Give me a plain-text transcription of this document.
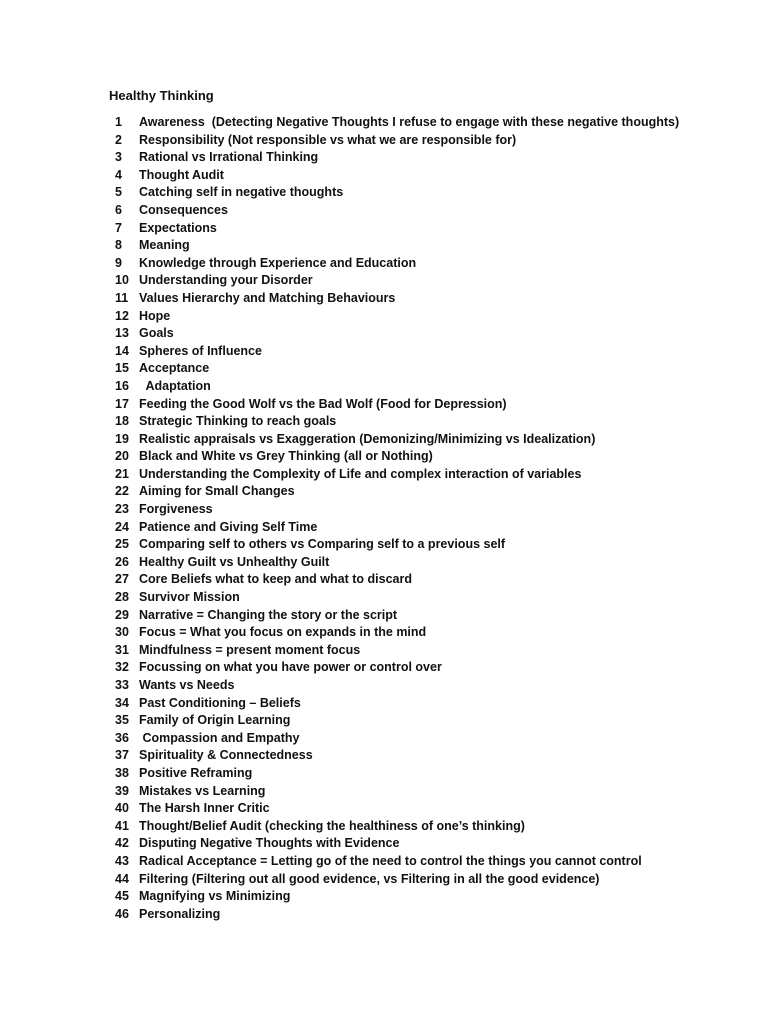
Healthy Thinking
1	Awareness  (Detecting Negative Thoughts I refuse to engage with these negative thoughts)
2	Responsibility (Not responsible vs what we are responsible for)
3	Rational vs Irrational Thinking
4	Thought Audit
5	Catching self in negative thoughts
6	Consequences
7	Expectations
8	Meaning
9	Knowledge through Experience and Education
10 Understanding your Disorder
11 Values Hierarchy and Matching Behaviours
12 Hope
13 Goals
14 Spheres of Influence
15 Acceptance
16 Adaptation
17 Feeding the Good Wolf vs the Bad Wolf (Food for Depression)
18 Strategic Thinking to reach goals
19 Realistic appraisals vs Exaggeration (Demonizing/Minimizing vs Idealization)
20 Black and White vs Grey Thinking (all or Nothing)
21 Understanding the Complexity of Life and complex interaction of variables
22 Aiming for Small Changes
23 Forgiveness
24 Patience and Giving Self Time
25 Comparing self to others vs Comparing self to a previous self
26 Healthy Guilt vs Unhealthy Guilt
27 Core Beliefs what to keep and what to discard
28 Survivor Mission
29 Narrative = Changing the story or the script
30 Focus = What you focus on expands in the mind
31 Mindfulness = present moment focus
32 Focussing on what you have power or control over
33 Wants vs Needs
34 Past Conditioning – Beliefs
35 Family of Origin Learning
36 Compassion and Empathy
37 Spirituality & Connectedness
38 Positive Reframing
39 Mistakes vs Learning
40 The Harsh Inner Critic
41 Thought/Belief Audit (checking the healthiness of one’s thinking)
42 Disputing Negative Thoughts with Evidence
43 Radical Acceptance = Letting go of the need to control the things you cannot control
44 Filtering (Filtering out all good evidence, vs Filtering in all the good evidence)
45 Magnifying vs Minimizing
46 Personalizing
